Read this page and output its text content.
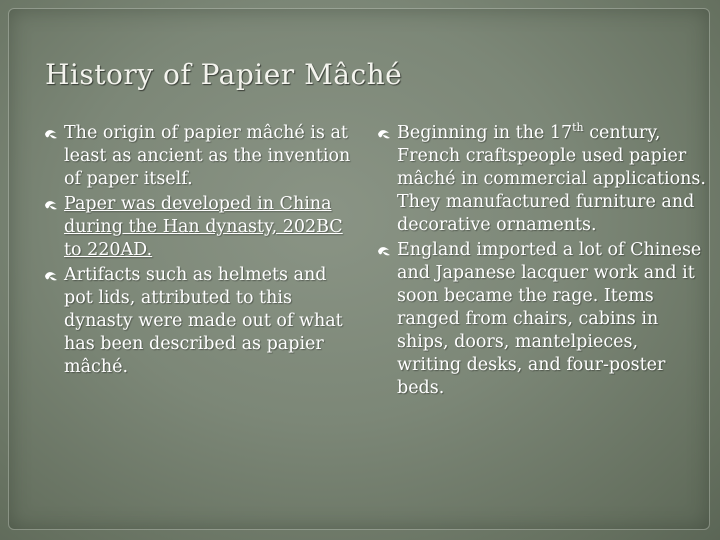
History of Papier Mâché
The origin of papier mâché is at least as ancient as the invention of paper itself.
Paper was developed in China during the Han dynasty, 202BC to 220AD.
Artifacts such as helmets and pot lids, attributed to this dynasty were made out of what has been described as papier mâché.
Beginning in the 17th century, French craftspeople used papier mâché in commercial applications. They manufactured furniture and decorative ornaments.
England imported a lot of Chinese and Japanese lacquer work and it soon became the rage. Items ranged from chairs, cabins in ships, doors, mantelpieces, writing desks, and four-poster beds.
